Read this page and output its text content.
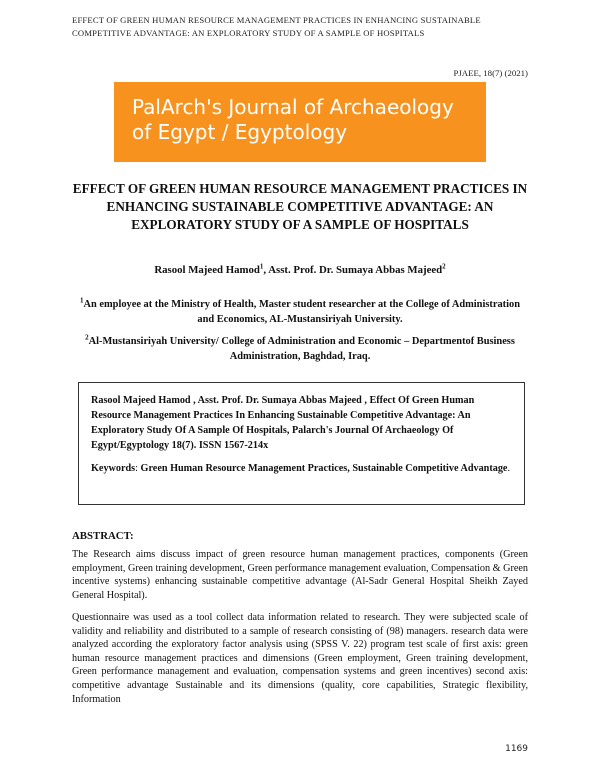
EFFECT OF GREEN HUMAN RESOURCE MANAGEMENT PRACTICES IN ENHANCING SUSTAINABLE COMPETITIVE ADVANTAGE: AN EXPLORATORY STUDY OF A SAMPLE OF HOSPITALS
PJAEE, 18(7) (2021)
PalArch's Journal of Archaeology
of Egypt / Egyptology
EFFECT OF GREEN HUMAN RESOURCE MANAGEMENT PRACTICES IN ENHANCING SUSTAINABLE COMPETITIVE ADVANTAGE: AN EXPLORATORY STUDY OF A SAMPLE OF HOSPITALS
Rasool Majeed Hamod$^1$, Asst. Prof. Dr. Sumaya Abbas Majeed$^2$
$^1$An employee at the Ministry of Health, Master student researcher at the College of Administration and Economics, AL-Mustansiriyah University.
$^2$Al-Mustansiriyah University/ College of Administration and Economic – Departmentof Business Administration, Baghdad, Iraq.

Rasool Majeed Hamod , Asst. Prof. Dr. Sumaya Abbas Majeed , Effect Of Green Human Resource Management Practices In Enhancing Sustainable Competitive Advantage: An Exploratory Study Of A Sample Of Hospitals, Palarch's Journal Of Archaeology Of Egypt/Egyptology 18(7). ISSN 1567-214x

Keywords: Green Human Resource Management Practices, Sustainable Competitive Advantage.

ABSTRACT:

The Research aims discuss impact of green resource human management practices, components (Green employment, Green training development, Green performance management evaluation, Compensation & Green incentive systems) enhancing sustainable competitive advantage (Al-Sadr General Hospital Sheikh Zayed General Hospital).

Questionnaire was used as a tool collect data information related to research. They were subjected scale of validity and reliability and distributed to a sample of research consisting of (98) managers. research data were analyzed according the exploratory factor analysis using (SPSS V. 22) program test scale of first axis: green human resource management practices and dimensions (Green employment, Green training development, Green performance management and evaluation, compensation systems and green incentives) second axis: competitive advantage Sustainable and its dimensions (quality, core capabilities, Strategic flexibility, Information

1169
